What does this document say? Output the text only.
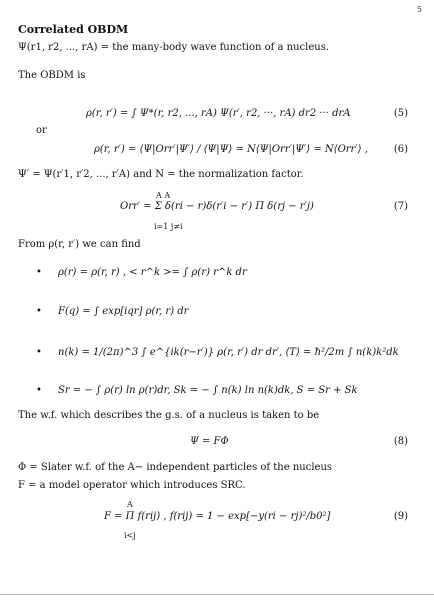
5
Correlated OBDM
Ψ(r1, r2, ..., rA) = the many-body wave function of a nucleus.
The OBDM is
ρ(r, r′) = ∫ Ψ*(r, r2, ..., rA) Ψ(r′, r2, ···, rA) dr2 ··· drA	(5)
or
ρ(r, r′) = ⟨Ψ|Orr′|Ψ′⟩ / ⟨Ψ|Ψ⟩ = N⟨Ψ|Orr′|Ψ′⟩ = N⟨Orr′⟩ ,	(6)
Ψ′ = Ψ(r′1, r′2, ..., r′A) and N = the normalization factor.
A A
Orr′ = Σ δ(ri − r)δ(r′i − r′) Π δ(rj − r′j)
i=1 j≠i
(7)
From ρ(r, r′) we can find
• ρ(r) = ρ(r, r) , < r^k >= ∫ ρ(r) r^k dr
• F(q) = ∫ exp[iqr] ρ(r, r) dr
• n(k) = 1/(2π)^3 ∫ e^{ik(r−r′)} ρ(r, r′) dr dr′, ⟨T⟩ = ħ²/2m ∫ n(k)k²dk
• Sr = − ∫ ρ(r) ln ρ(r)dr, Sk = − ∫ n(k) ln n(k)dk, S = Sr + Sk
The w.f. which describes the g.s. of a nucleus is taken to be
Ψ = FΦ	(8)
Φ = Slater w.f. of the A− independent particles of the nucleus
F = a model operator which introduces SRC.
A
F = Π f(rij) , f(rij) = 1 − exp[−y(ri − rj)²/b0²]
i<j
(9)
